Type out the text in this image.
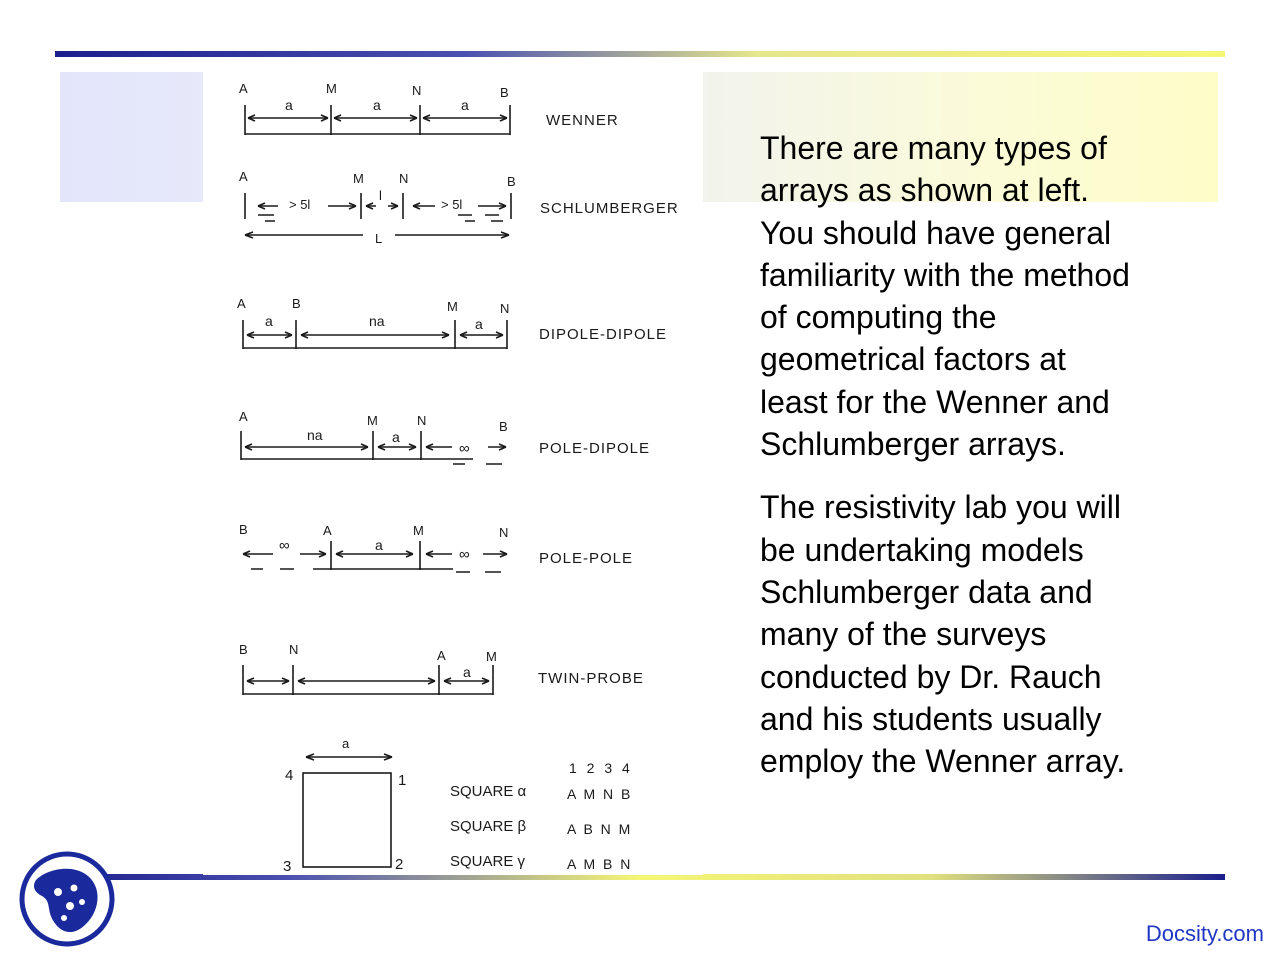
A	M	N	B
a	a	a
WENNER
A	M	N	B
> 5l
l
> 5l
L
SCHLUMBERGER
A	B	M	N
a	na	a
DIPOLE-DIPOLE
A	M	N	B
na	a
∞	POLE-DIPOLE
B	A	M	N
∞	a
∞	POLE-POLE
B	N	A	M
a	TWIN-PROBE
a
4	1
3	2
1 2 3 4
SQUARE α	A M N B
SQUARE β	A B N M
SQUARE γ	A M B N

There are many types of
arrays as shown at left.
You should have general
familiarity with the method
of computing the
geometrical factors at
least for the Wenner and
Schlumberger arrays.

The resistivity lab you will
be undertaking models
Schlumberger data and
many of the surveys
conducted by Dr. Rauch
and his students usually
employ the Wenner array.

Docsity.com
